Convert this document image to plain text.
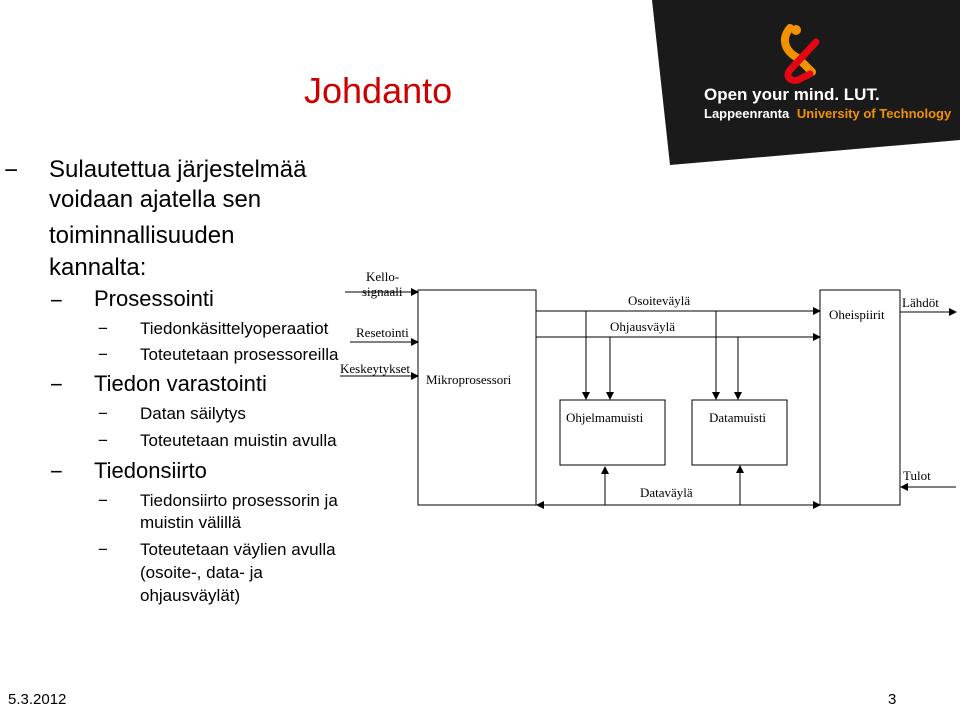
Johdanto	Open your mind. LUT.
Lappeenranta University of Technology
− Sulautettua järjestelmää
voidaan ajatella sen
toiminnallisuuden
kannalta:
− Prosessointi
− Tiedonkäsittelyoperaatiot
− Toteutetaan prosessoreilla
− Tiedon varastointi
− Datan säilytys
− Toteutetaan muistin avulla
− Tiedonsiirto
− Tiedonsiirto prosessorin ja
muistin välillä
− Toteutetaan väylien avulla
(osoite-, data- ja
ohjausväylät)
Kello-
signaali
Resetointi
Keskeytykset
Mikroprosessori
Osoiteväylä
Ohjausväylä
Ohjelmamuisti	Datamuisti
Dataväylä
Oheispiirit
Lähdöt
Tulot
5.3.2012	3
